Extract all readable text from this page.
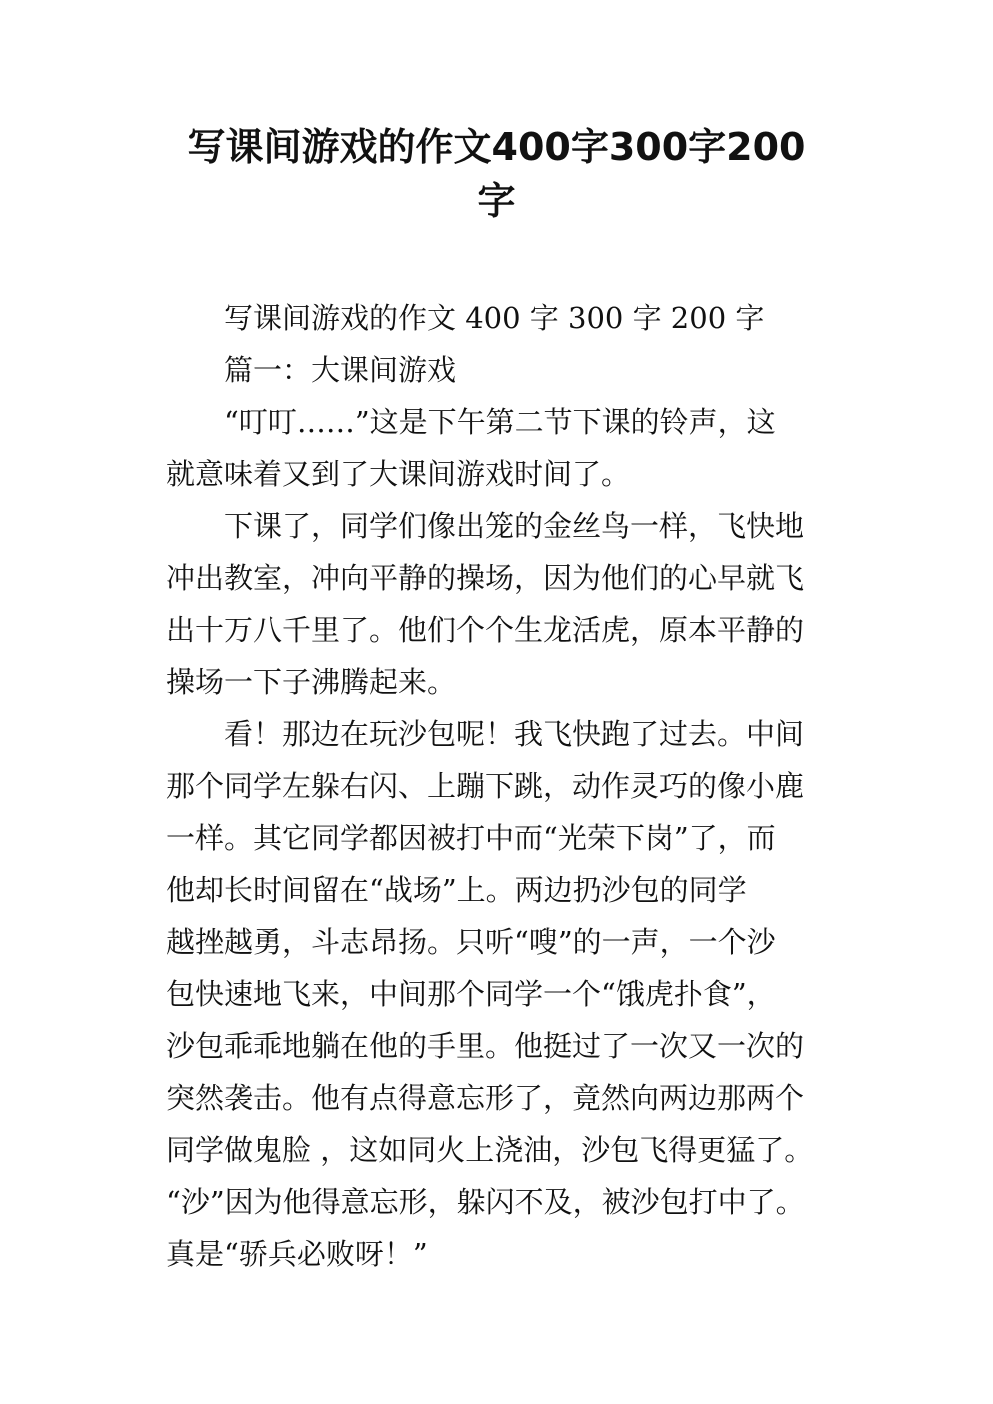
写课间游戏的作文400字300字200
字

写课间游戏的作文 400 字 300 字 200 字

篇一：大课间游戏

“叮叮……”这是下午第二节下课的铃声，这
就意味着又到了大课间游戏时间了。

下课了，同学们像出笼的金丝鸟一样，飞快地
冲出教室，冲向平静的操场，因为他们的心早就飞
出十万八千里了。他们个个生龙活虎，原本平静的
操场一下子沸腾起来。

看！那边在玩沙包呢！我飞快跑了过去。中间
那个同学左躲右闪、上蹦下跳，动作灵巧的像小鹿
一样。其它同学都因被打中而“光荣下岗”了，而
他却长时间留在“战场”上。两边扔沙包的同学
越挫越勇，斗志昂扬。只听“嗖”的一声，一个沙
包快速地飞来，中间那个同学一个“饿虎扑食”，
沙包乖乖地躺在他的手里。他挺过了一次又一次的
突然袭击。他有点得意忘形了，竟然向两边那两个
同学做鬼脸 ，这如同火上浇油，沙包飞得更猛了。
“沙”因为他得意忘形，躲闪不及，被沙包打中了。
真是“骄兵必败呀！”
